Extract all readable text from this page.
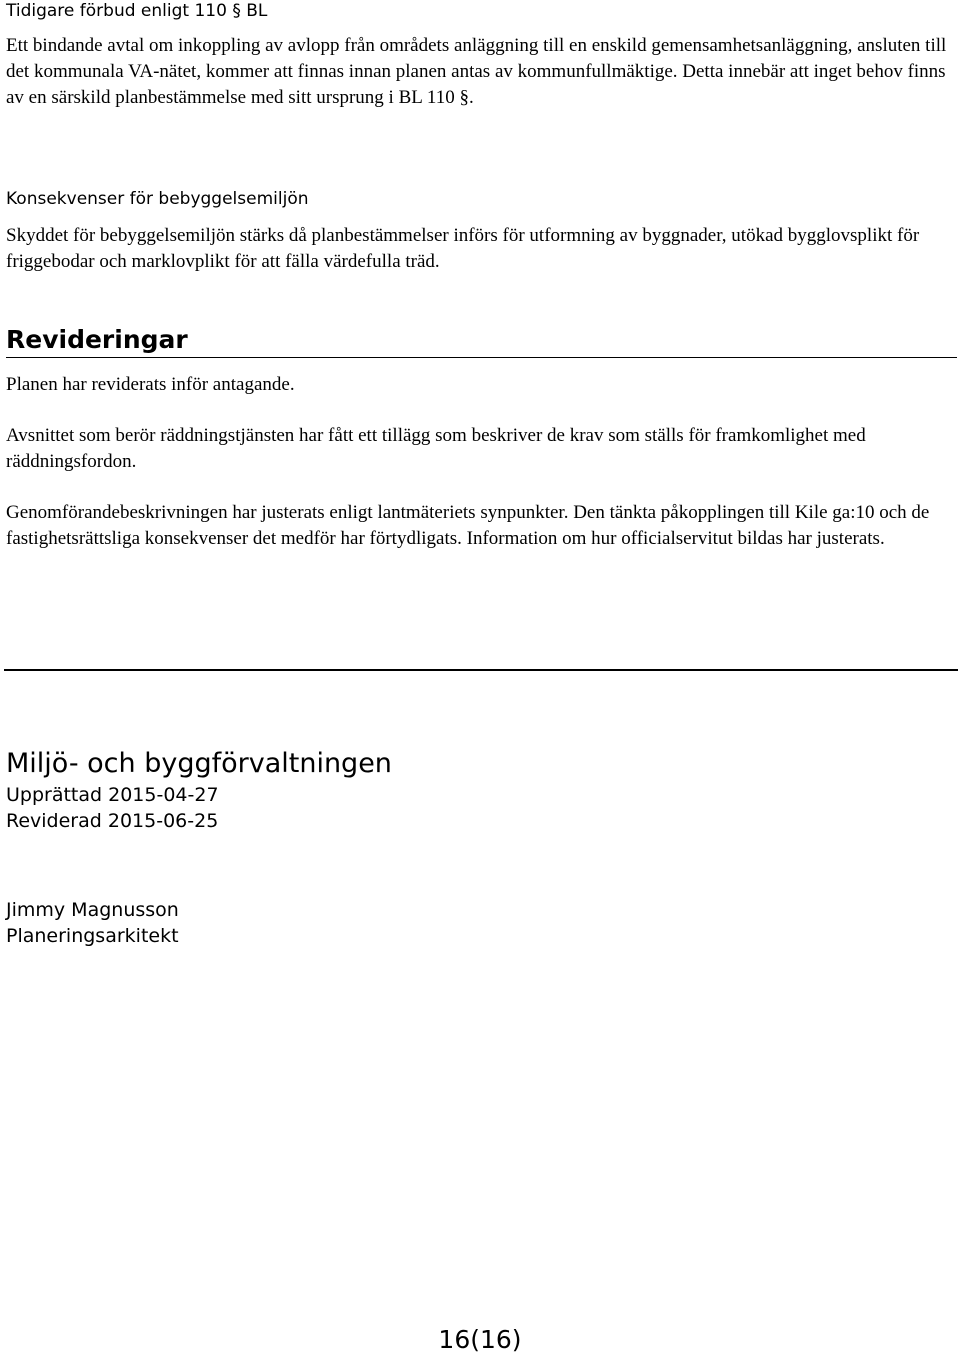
Tidigare förbud enligt 110 § BL

Ett bindande avtal om inkoppling av avlopp från områdets anläggning till en enskild gemensamhetsanläggning, ansluten till det kommunala VA-nätet, kommer att finnas innan planen antas av kommunfullmäktige. Detta innebär att inget behov finns av en särskild planbestämmelse med sitt ursprung i BL 110 §.

Konsekvenser för bebyggelsemiljön

Skyddet för bebyggelsemiljön stärks då planbestämmelser införs för utformning av byggnader, utökad bygglovsplikt för friggebodar och marklovplikt för att fälla värdefulla träd.

Revideringar

Planen har reviderats inför antagande.

Avsnittet som berör räddningstjänsten har fått ett tillägg som beskriver de krav som ställs för framkomlighet med räddningsfordon.

Genomförandebeskrivningen har justerats enligt lantmäteriets synpunkter. Den tänkta påkopplingen till Kile ga:10 och de fastighetsrättsliga konsekvenser det medför har förtydligats. Information om hur officialservitut bildas har justerats.

Miljö- och byggförvaltningen
Upprättad 2015-04-27
Reviderad 2015-06-25
Jimmy Magnusson
Planeringsarkitekt
16(16)
